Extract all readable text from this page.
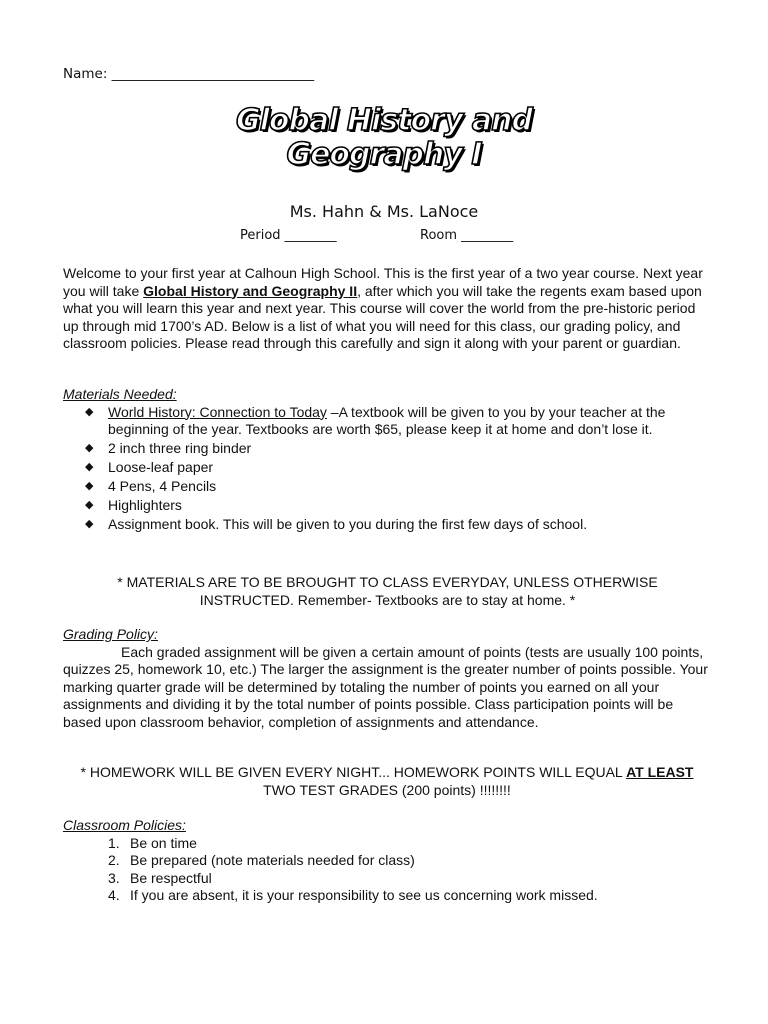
Name: ______________________________
Global History and
Geography I
Ms. Hahn & Ms. LaNoce
Period ________	Room ________
Welcome to your first year at Calhoun High School. This is the first year of a two year course. Next year you will take Global History and Geography II, after which you will take the regents exam based upon what you will learn this year and next year. This course will cover the world from the pre-historic period up through mid 1700’s AD. Below is a list of what you will need for this class, our grading policy, and classroom policies. Please read through this carefully and sign it along with your parent or guardian.
Materials Needed:
◆ World History: Connection to Today –A textbook will be given to you by your teacher at the beginning of the year. Textbooks are worth $65, please keep it at home and don’t lose it.
◆ 2 inch three ring binder
◆ Loose-leaf paper
◆ 4 Pens, 4 Pencils
◆ Highlighters
◆ Assignment book. This will be given to you during the first few days of school.
* MATERIALS ARE TO BE BROUGHT TO CLASS EVERYDAY, UNLESS OTHERWISE INSTRUCTED. Remember- Textbooks are to stay at home. *
Grading Policy:
Each graded assignment will be given a certain amount of points (tests are usually 100 points, quizzes 25, homework 10, etc.) The larger the assignment is the greater number of points possible. Your marking quarter grade will be determined by totaling the number of points you earned on all your assignments and dividing it by the total number of points possible. Class participation points will be based upon classroom behavior, completion of assignments and attendance.
* HOMEWORK WILL BE GIVEN EVERY NIGHT... HOMEWORK POINTS WILL EQUAL AT LEAST TWO TEST GRADES (200 points) !!!!!!!!
Classroom Policies:
1. Be on time
2. Be prepared (note materials needed for class)
3. Be respectful
4. If you are absent, it is your responsibility to see us concerning work missed.
